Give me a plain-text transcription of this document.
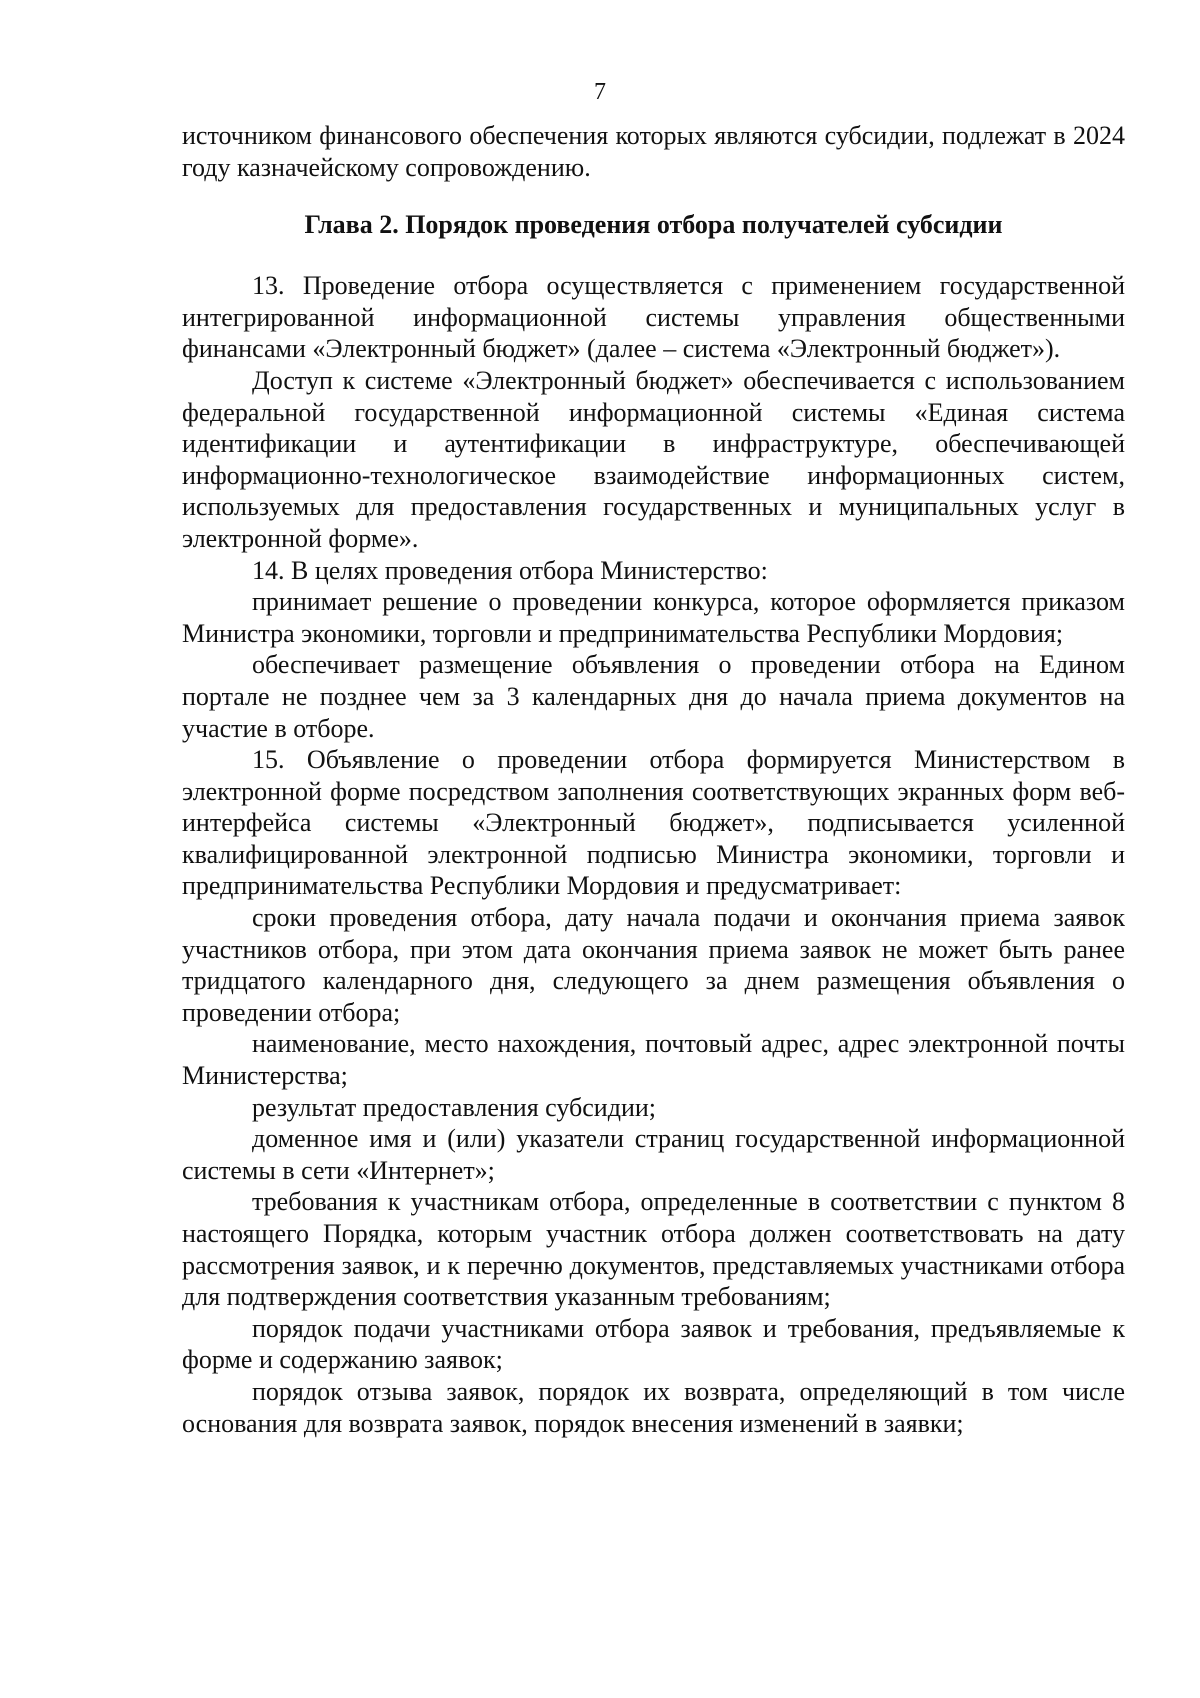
7

источником финансового обеспечения которых являются субсидии, подлежат в 2024 году казначейскому сопровождению.

Глава 2. Порядок проведения отбора получателей субсидии

13. Проведение отбора осуществляется с применением государственной интегрированной информационной системы управления общественными финансами «Электронный бюджет» (далее – система «Электронный бюджет»).

Доступ к системе «Электронный бюджет» обеспечивается с использованием федеральной государственной информационной системы «Единая система идентификации и аутентификации в инфраструктуре, обеспечивающей информационно-технологическое взаимодействие информационных систем, используемых для предоставления государственных и муниципальных услуг в электронной форме».

14. В целях проведения отбора Министерство:

принимает решение о проведении конкурса, которое оформляется приказом Министра экономики, торговли и предпринимательства Республики Мордовия;

обеспечивает размещение объявления о проведении отбора на Едином портале не позднее чем за 3 календарных дня до начала приема документов на участие в отборе.

15. Объявление о проведении отбора формируется Министерством в электронной форме посредством заполнения соответствующих экранных форм веб-интерфейса системы «Электронный бюджет», подписывается усиленной квалифицированной электронной подписью Министра экономики, торговли и предпринимательства Республики Мордовия и предусматривает:

сроки проведения отбора, дату начала подачи и окончания приема заявок участников отбора, при этом дата окончания приема заявок не может быть ранее тридцатого календарного дня, следующего за днем размещения объявления о проведении отбора;

наименование, место нахождения, почтовый адрес, адрес электронной почты Министерства;

результат предоставления субсидии;

доменное имя и (или) указатели страниц государственной информационной системы в сети «Интернет»;

требования к участникам отбора, определенные в соответствии с пунктом 8 настоящего Порядка, которым участник отбора должен соответствовать на дату рассмотрения заявок, и к перечню документов, представляемых участниками отбора для подтверждения соответствия указанным требованиям;

порядок подачи участниками отбора заявок и требования, предъявляемые к форме и содержанию заявок;

порядок отзыва заявок, порядок их возврата, определяющий в том числе основания для возврата заявок, порядок внесения изменений в заявки;
